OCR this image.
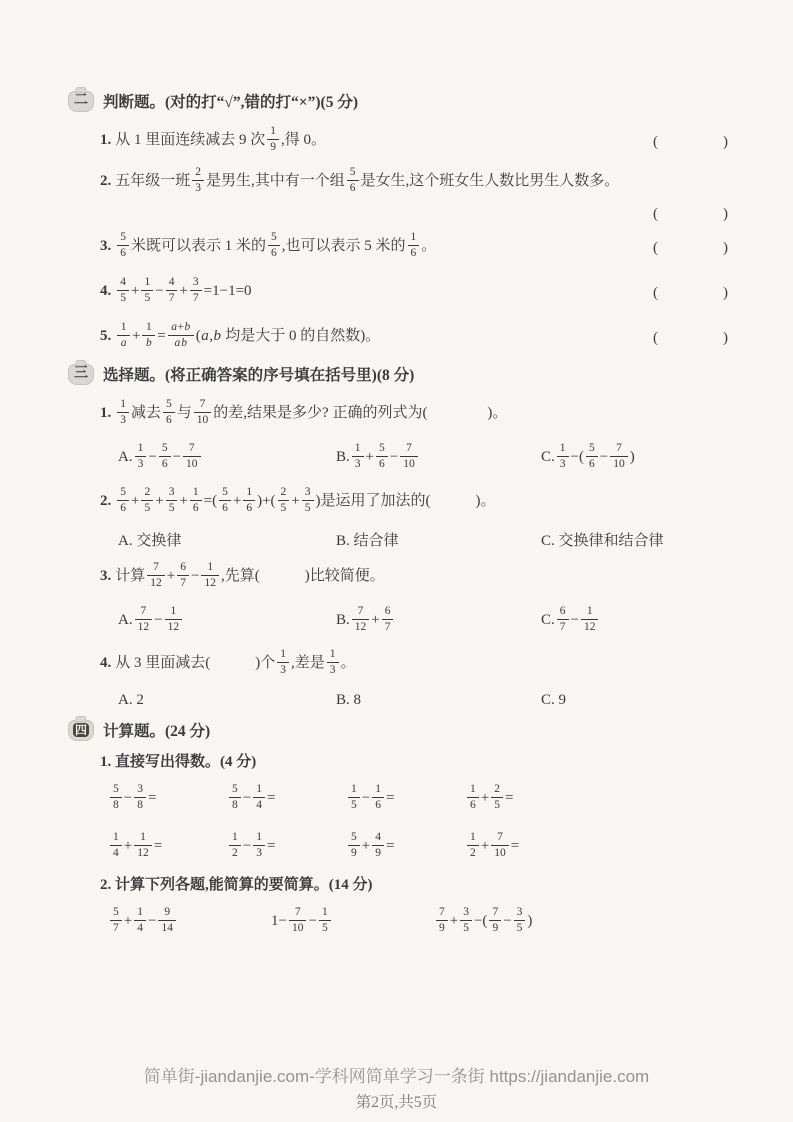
二 判断题。(对的打“√”,错的打“×”)(5 分)
1. 从 1 里面连续减去 9 次 $\frac{1}{9}$ ,得 0。	(　　　　)
2. 五年级一班 $\frac{2}{3}$ 是男生,其中有一个组 $\frac{5}{6}$ 是女生,这个班女生人数比男生人数多。
(　　　　)
3. $\frac{5}{6}$ 米既可以表示 1 米的 $\frac{5}{6}$ ,也可以表示 5 米的 $\frac{1}{6}$ 。	(　　　　)
4. $\frac{4}{5} + \frac{1}{5} - \frac{4}{7} + \frac{3}{7} =1-1=0$	(　　　　)
5. $\frac{1}{a} + \frac{1}{b} = \frac{a+b}{ab} (a,b$ 均是大于 0 的自然数)。	(　　　　)
三 选择题。(将正确答案的序号填在括号里)(8 分)
1. $\frac{1}{3}$ 减去 $\frac{5}{6}$ 与 $\frac{7}{10}$ 的差,结果是多少? 正确的列式为(　　　　)。
A. $\frac{1}{3} - \frac{5}{6} - \frac{7}{10}$	B. $\frac{1}{3} + \frac{5}{6} - \frac{7}{10}$	C. $\frac{1}{3}$ −( $\frac{5}{6} - \frac{7}{10}$ )
2. $\frac{5}{6} + \frac{2}{5} + \frac{3}{5} + \frac{1}{6}$ =( $\frac{5}{6} + \frac{1}{6}$ )+( $\frac{2}{5} + \frac{3}{5}$ )是运用了加法的(　　　)。
A. 交换律	B. 结合律	C. 交换律和结合律
3. 计算 $\frac{7}{12} + \frac{6}{7} - \frac{1}{12}$ ,先算(　　　)比较简便。
A. $\frac{7}{12} - \frac{1}{12}$	B. $\frac{7}{12} + \frac{6}{7}$	C. $\frac{6}{7} - \frac{1}{12}$
4. 从 3 里面减去(　　　)个 $\frac{1}{3}$ ,差是 $\frac{1}{3}$ 。
A. 2	B. 8	C. 9
四 计算题。(24 分)
1. 直接写出得数。(4 分)
$\frac{5}{8} - \frac{3}{8}$ =	$\frac{5}{8} - \frac{1}{4}$ =	$\frac{1}{5} - \frac{1}{6}$ =	$\frac{1}{6} + \frac{2}{5}$ =
$\frac{1}{4} + \frac{1}{12}$ =	$\frac{1}{2} - \frac{1}{3}$ =	$\frac{5}{9} + \frac{4}{9}$ =	$\frac{1}{2} + \frac{7}{10}$ =
2. 计算下列各题,能简算的要简算。(14 分)
$\frac{5}{7} + \frac{1}{4} - \frac{9}{14}$	$1- \frac{7}{10} - \frac{1}{5}$	$\frac{7}{9} + \frac{3}{5}$ −( $\frac{7}{9} - \frac{3}{5}$ )
简单街-jiandanjie.com-学科网简单学习一条街 https://jiandanjie.com
第2页,共5页
